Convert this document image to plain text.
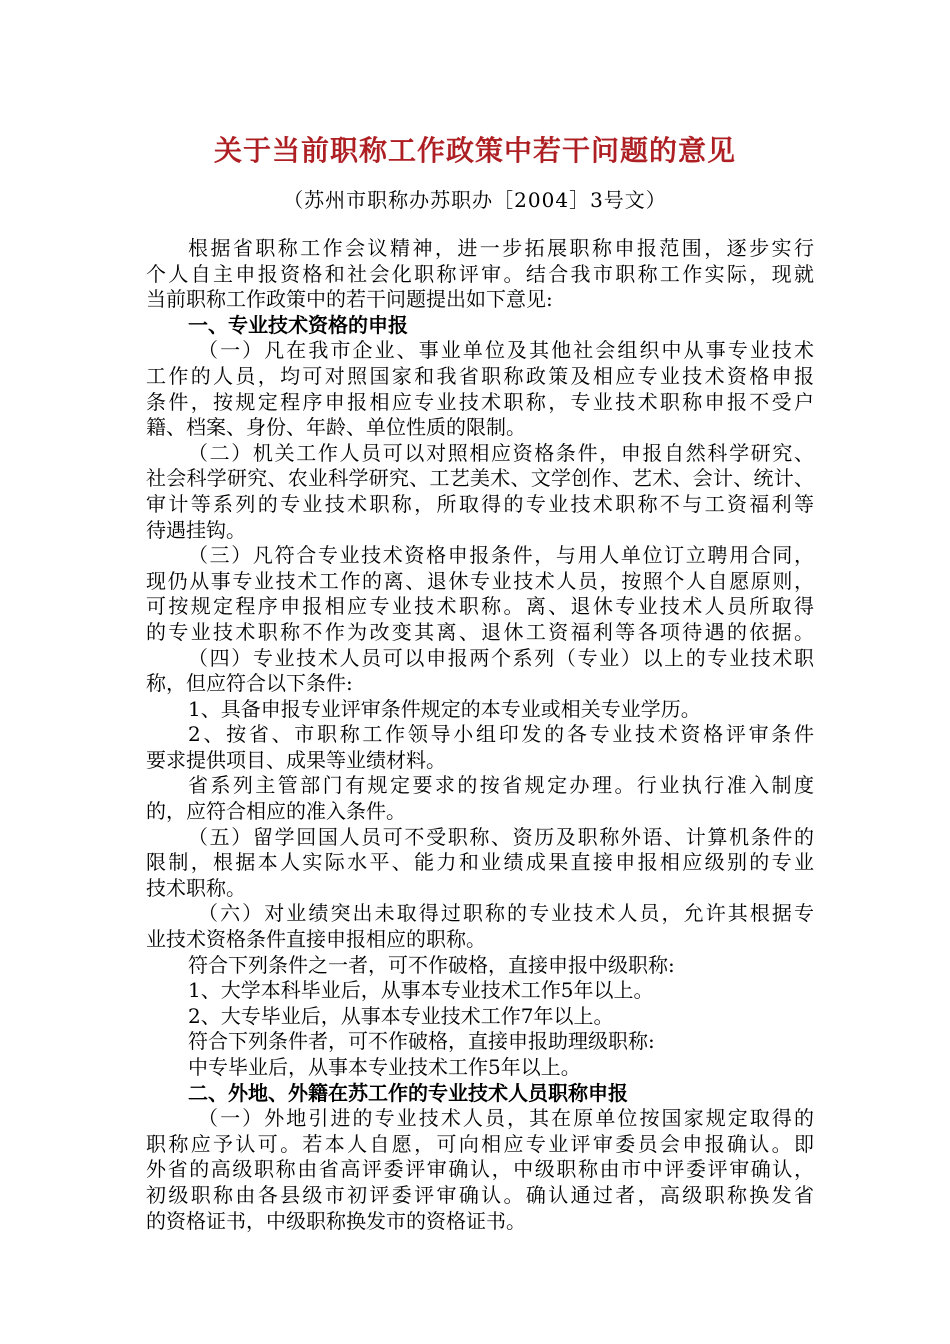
关于当前职称工作政策中若干问题的意见
（苏州市职称办苏职办［2004］3号文）
根据省职称工作会议精神，进一步拓展职称申报范围，逐步实行
个人自主申报资格和社会化职称评审。结合我市职称工作实际，现就
当前职称工作政策中的若干问题提出如下意见:
一、专业技术资格的申报
（一）凡在我市企业、事业单位及其他社会组织中从事专业技术
工作的人员，均可对照国家和我省职称政策及相应专业技术资格申报
条件，按规定程序申报相应专业技术职称，专业技术职称申报不受户
籍、档案、身份、年龄、单位性质的限制。
（二）机关工作人员可以对照相应资格条件，申报自然科学研究、
社会科学研究、农业科学研究、工艺美术、文学创作、艺术、会计、统计、
审计等系列的专业技术职称，所取得的专业技术职称不与工资福利等
待遇挂钩。
（三）凡符合专业技术资格申报条件，与用人单位订立聘用合同，
现仍从事专业技术工作的离、退休专业技术人员，按照个人自愿原则，
可按规定程序申报相应专业技术职称。离、退休专业技术人员所取得
的专业技术职称不作为改变其离、退休工资福利等各项待遇的依据。
（四）专业技术人员可以申报两个系列（专业）以上的专业技术职
称，但应符合以下条件:
1、具备申报专业评审条件规定的本专业或相关专业学历。
2、按省、市职称工作领导小组印发的各专业技术资格评审条件
要求提供项目、成果等业绩材料。
省系列主管部门有规定要求的按省规定办理。行业执行准入制度
的，应符合相应的准入条件。
（五）留学回国人员可不受职称、资历及职称外语、计算机条件的
限制，根据本人实际水平、能力和业绩成果直接申报相应级别的专业
技术职称。
（六）对业绩突出未取得过职称的专业技术人员，允许其根据专
业技术资格条件直接申报相应的职称。
符合下列条件之一者，可不作破格，直接申报中级职称:
1、大学本科毕业后，从事本专业技术工作5年以上。
2、大专毕业后，从事本专业技术工作7年以上。
符合下列条件者，可不作破格，直接申报助理级职称:
中专毕业后，从事本专业技术工作5年以上。
二、外地、外籍在苏工作的专业技术人员职称申报
（一）外地引进的专业技术人员，其在原单位按国家规定取得的
职称应予认可。若本人自愿，可向相应专业评审委员会申报确认。即
外省的高级职称由省高评委评审确认，中级职称由市中评委评审确认，
初级职称由各县级市初评委评审确认。确认通过者，高级职称换发省
的资格证书，中级职称换发市的资格证书。
